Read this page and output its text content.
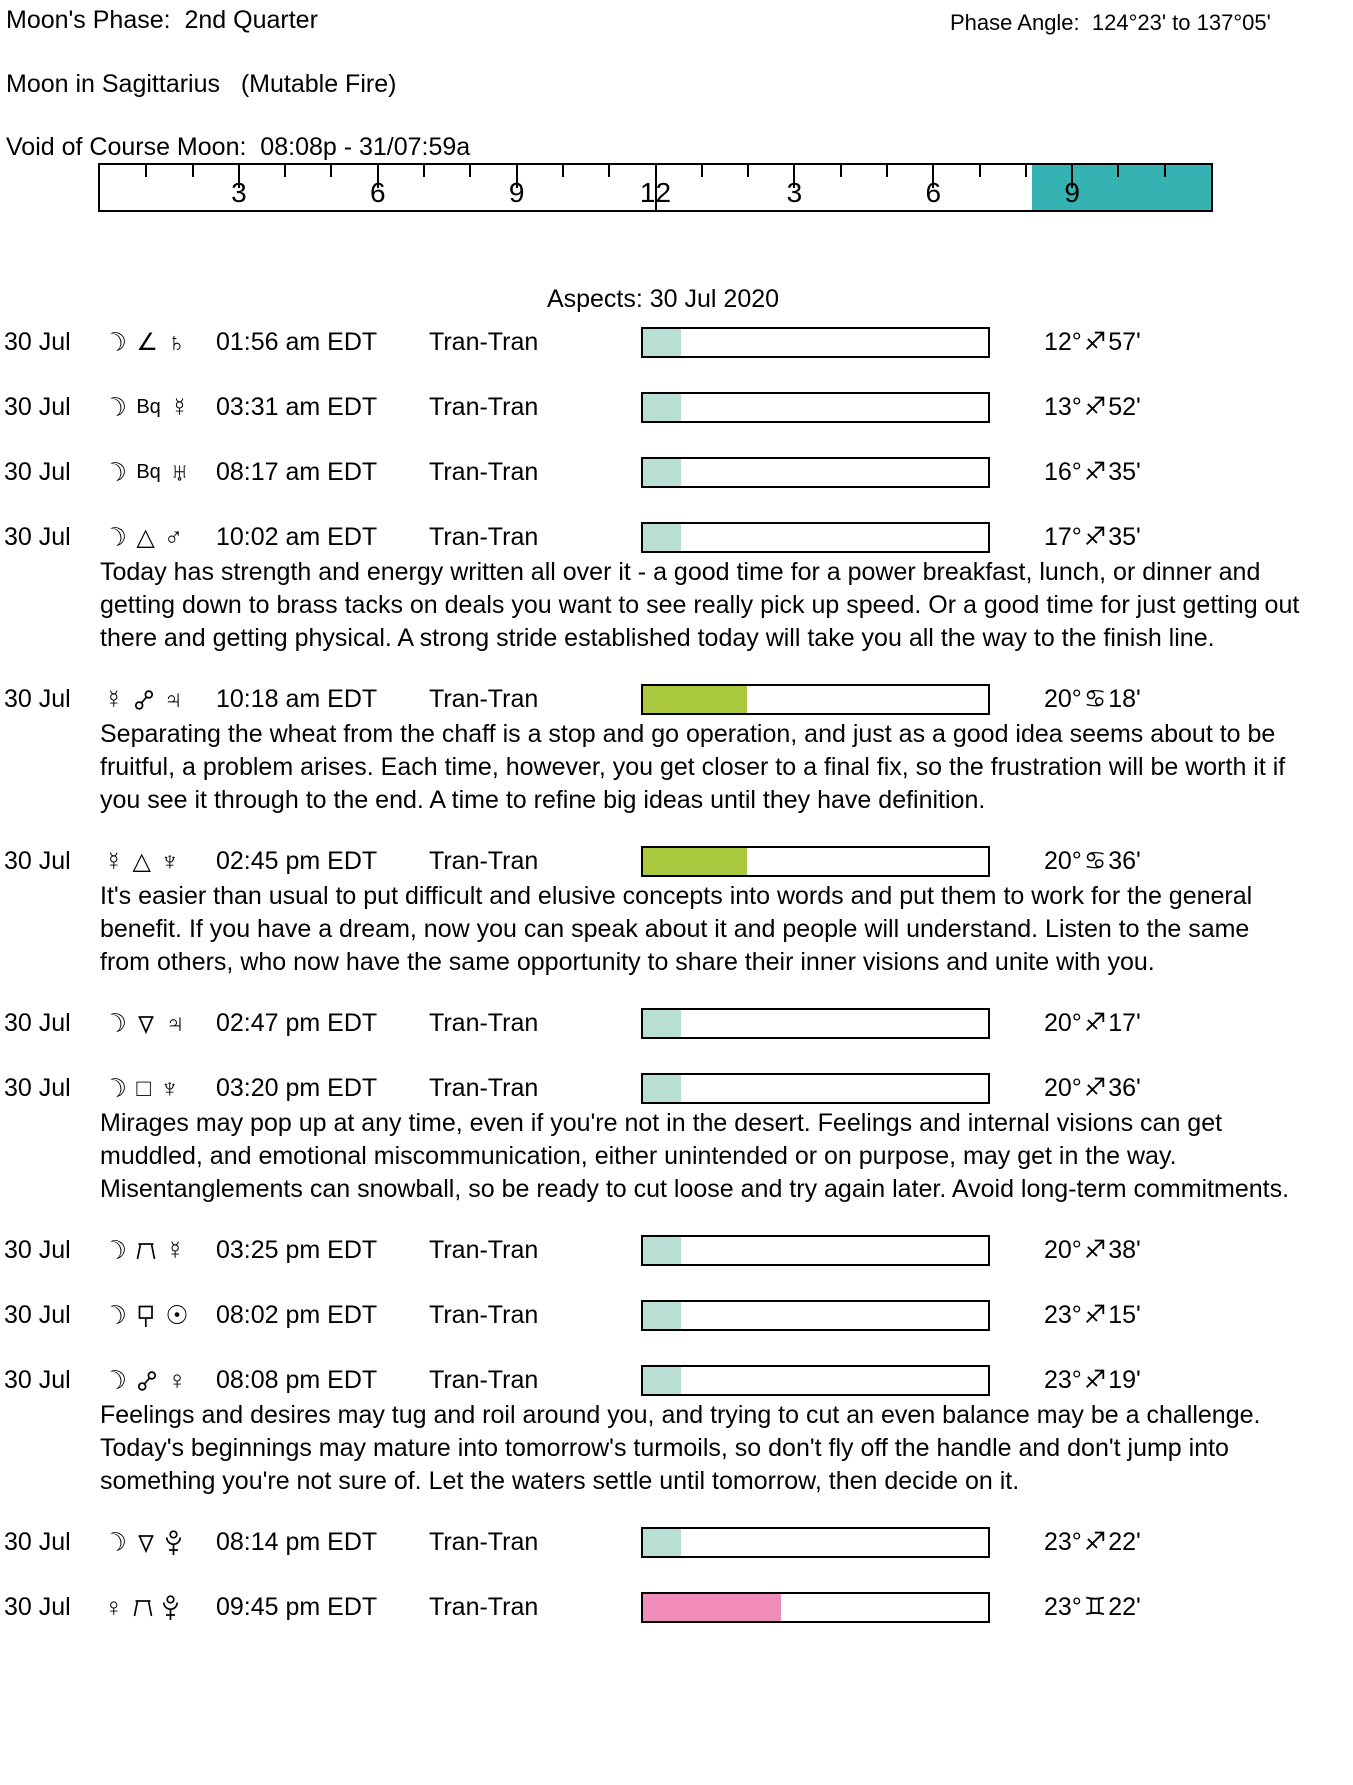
Moon's Phase:  2nd Quarter	Phase Angle:  124°23' to 137°05'
Moon in Sagittarius   (Mutable Fire)
Void of Course Moon:  08:08p - 31/07:59a
3	6	9	12	3	6	9
Aspects: 30 Jul 2020
30 Jul	☽ ∠ ♄ 01:56 am EDT	Tran-Tran	12°♐57'
30 Jul	☽ Bq ☿ 03:31 am EDT	Tran-Tran	13°♐52'
30 Jul	☽ Bq ♅ 08:17 am EDT	Tran-Tran	16°♐35'
30 Jul	☽ △ ♂ 10:02 am EDT	Tran-Tran	17°♐35'
Today has strength and energy written all over it - a good time for a power breakfast, lunch, or dinner and getting down to brass tacks on deals you want to see really pick up speed. Or a good time for just getting out there and getting physical. A strong stride established today will take you all the way to the finish line.
30 Jul	☿ ♃ 10:18 am EDT	Tran-Tran	20°♋18'
Separating the wheat from the chaff is a stop and go operation, and just as a good idea seems about to be fruitful, a problem arises. Each time, however, you get closer to a final fix, so the frustration will be worth it if you see it through to the end. A time to refine big ideas until they have definition.
30 Jul	☿ △ ♆ 02:45 pm EDT	Tran-Tran	20°♋36'
It's easier than usual to put difficult and elusive concepts into words and put them to work for the general benefit. If you have a dream, now you can speak about it and people will understand. Listen to the same from others, who now have the same opportunity to share their inner visions and unite with you.
30 Jul	☽ ♃ 02:47 pm EDT	Tran-Tran	20°♐17'
30 Jul	☽ □ ♆ 03:20 pm EDT	Tran-Tran	20°♐36'
Mirages may pop up at any time, even if you're not in the desert. Feelings and internal visions can get muddled, and emotional miscommunication, either unintended or on purpose, may get in the way. Misentanglements can snowball, so be ready to cut loose and try again later. Avoid long-term commitments.
30 Jul	☽ ☿ 03:25 pm EDT	Tran-Tran	20°♐38'
30 Jul	☽ ☉ 08:02 pm EDT	Tran-Tran	23°♐15'
30 Jul	☽ ♀ 08:08 pm EDT	Tran-Tran	23°♐19'
Feelings and desires may tug and roil around you, and trying to cut an even balance may be a challenge. Today's beginnings may mature into tomorrow's turmoils, so don't fly off the handle and don't jump into something you're not sure of. Let the waters settle until tomorrow, then decide on it.
30 Jul	☽	08:14 pm EDT	Tran-Tran	23°♐22'
30 Jul	♀	09:45 pm EDT	Tran-Tran	23°♊22'
